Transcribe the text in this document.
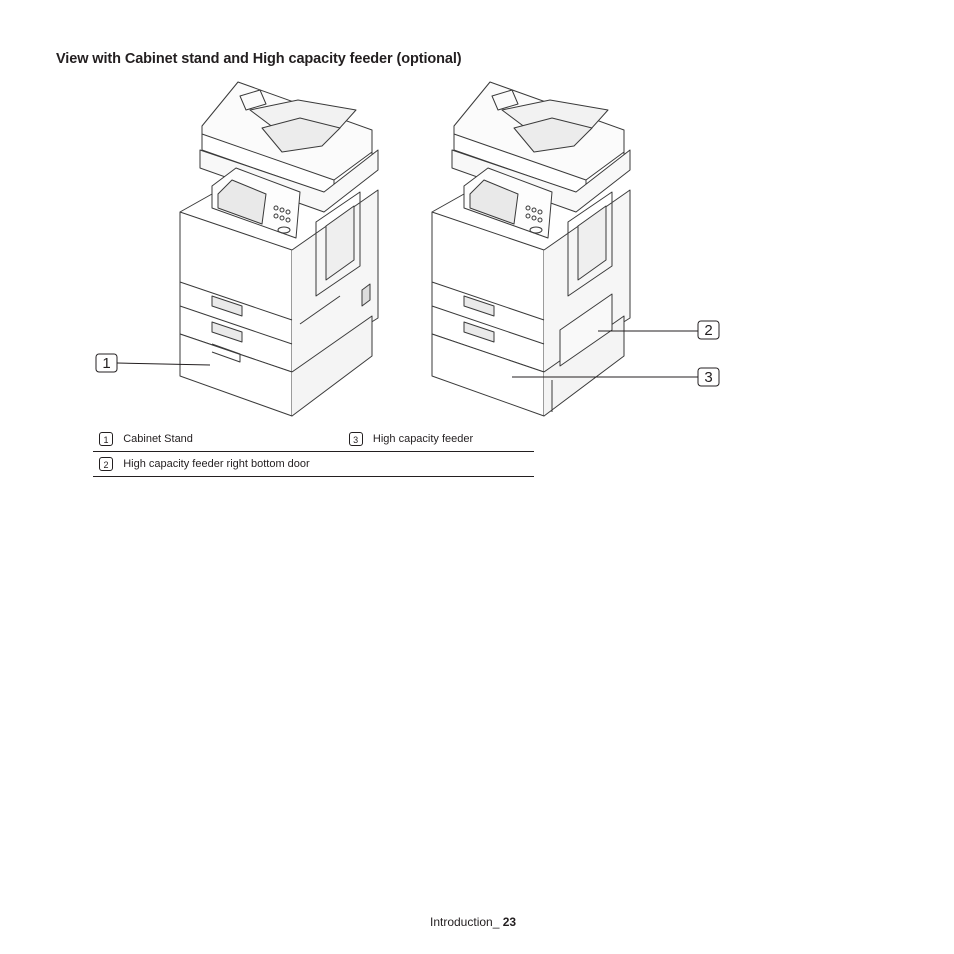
View with Cabinet stand and High capacity feeder (optional)
1
2
3
1	Cabinet Stand	3	High capacity feeder
2	High capacity feeder right bottom door		
Introduction_ 23
